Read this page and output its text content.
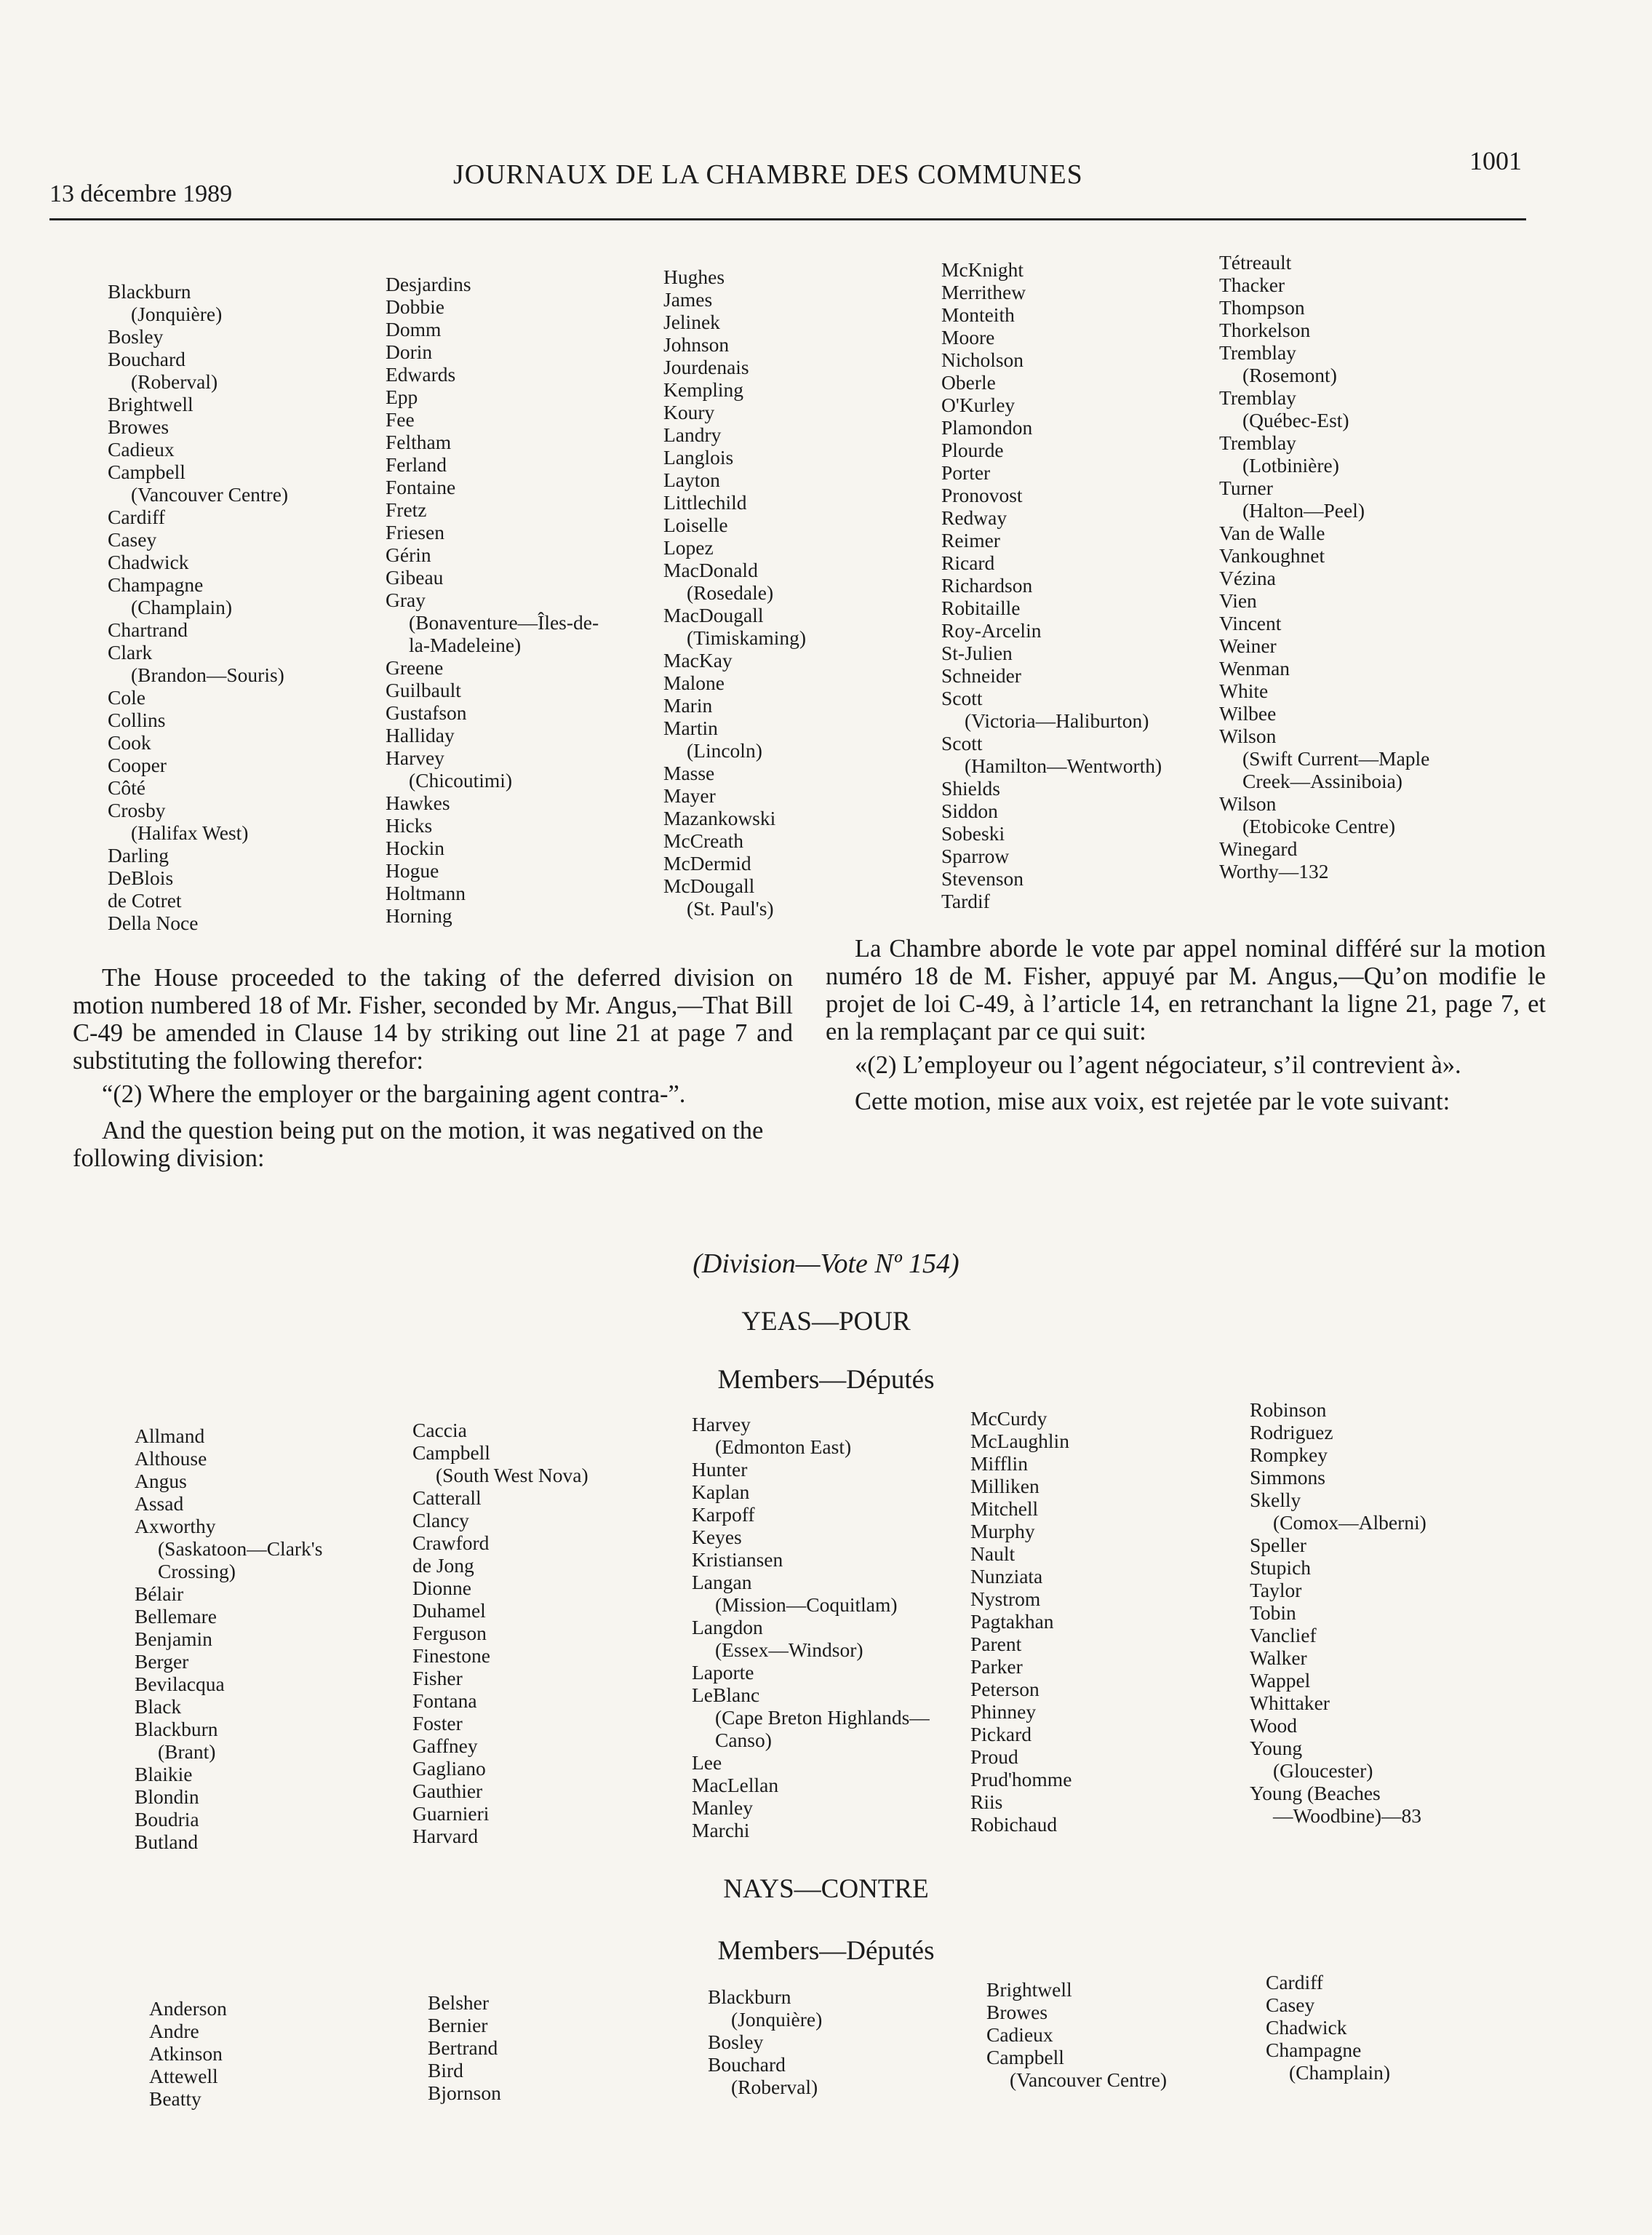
13 décembre 1989
JOURNAUX DE LA CHAMBRE DES COMMUNES	1001
Blackburn
(Jonquière)
Bosley
Bouchard
(Roberval)
Brightwell
Browes
Cadieux
Campbell
(Vancouver Centre)
Cardiff
Casey
Chadwick
Champagne
(Champlain)
Chartrand
Clark
(Brandon—Souris)
Cole
Collins
Cook
Cooper
Côté
Crosby
(Halifax West)
Darling
DeBlois
de Cotret
Della Noce
Desjardins
Dobbie
Domm
Dorin
Edwards
Epp
Fee
Feltham
Ferland
Fontaine
Fretz
Friesen
Gérin
Gibeau
Gray
(Bonaventure—Îles-de-
la-Madeleine)
Greene
Guilbault
Gustafson
Halliday
Harvey
(Chicoutimi)
Hawkes
Hicks
Hockin
Hogue
Holtmann
Horning
Hughes
James
Jelinek
Johnson
Jourdenais
Kempling
Koury
Landry
Langlois
Layton
Littlechild
Loiselle
Lopez
MacDonald
(Rosedale)
MacDougall
(Timiskaming)
MacKay
Malone
Marin
Martin
(Lincoln)
Masse
Mayer
Mazankowski
McCreath
McDermid
McDougall
(St. Paul's)
McKnight
Merrithew
Monteith
Moore
Nicholson
Oberle
O'Kurley
Plamondon
Plourde
Porter
Pronovost
Redway
Reimer
Ricard
Richardson
Robitaille
Roy-Arcelin
St-Julien
Schneider
Scott
(Victoria—Haliburton)
Scott
(Hamilton—Wentworth)
Shields
Siddon
Sobeski
Sparrow
Stevenson
Tardif
Tétreault
Thacker
Thompson
Thorkelson
Tremblay
(Rosemont)
Tremblay
(Québec-Est)
Tremblay
(Lotbinière)
Turner
(Halton—Peel)
Van de Walle
Vankoughnet
Vézina
Vien
Vincent
Weiner
Wenman
White
Wilbee
Wilson
(Swift Current—Maple
Creek—Assiniboia)
Wilson
(Etobicoke Centre)
Winegard
Worthy—132

The House proceeded to the taking of the deferred division on motion numbered 18 of Mr. Fisher, seconded by Mr. Angus,—That Bill C-49 be amended in Clause 14 by striking out line 21 at page 7 and substituting the following therefor:

“(2) Where the employer or the bargaining agent contra-”.

And the question being put on the motion, it was negatived on the following division:

La Chambre aborde le vote par appel nominal différé sur la motion numéro 18 de M. Fisher, appuyé par M. Angus,—Qu’on modifie le projet de loi C-49, à l’article 14, en retranchant la ligne 21, page 7, et en la remplaçant par ce qui suit:

«(2) L’employeur ou l’agent négociateur, s’il contrevient à».

Cette motion, mise aux voix, est rejetée par le vote suivant:

(Division—Vote Nº 154)
YEAS—POUR
Members—Députés
Allmand
Althouse
Angus
Assad
Axworthy
(Saskatoon—Clark's
Crossing)
Bélair
Bellemare
Benjamin
Berger
Bevilacqua
Black
Blackburn
(Brant)
Blaikie
Blondin
Boudria
Butland
Caccia
Campbell
(South West Nova)
Catterall
Clancy
Crawford
de Jong
Dionne
Duhamel
Ferguson
Finestone
Fisher
Fontana
Foster
Gaffney
Gagliano
Gauthier
Guarnieri
Harvard
Harvey
(Edmonton East)
Hunter
Kaplan
Karpoff
Keyes
Kristiansen
Langan
(Mission—Coquitlam)
Langdon
(Essex—Windsor)
Laporte
LeBlanc
(Cape Breton Highlands—
Canso)
Lee
MacLellan
Manley
Marchi
McCurdy
McLaughlin
Mifflin
Milliken
Mitchell
Murphy
Nault
Nunziata
Nystrom
Pagtakhan
Parent
Parker
Peterson
Phinney
Pickard
Proud
Prud'homme
Riis
Robichaud
Robinson
Rodriguez
Rompkey
Simmons
Skelly
(Comox—Alberni)
Speller
Stupich
Taylor
Tobin
Vanclief
Walker
Wappel
Whittaker
Wood
Young
(Gloucester)
Young (Beaches
—Woodbine)—83
NAYS—CONTRE
Members—Députés
Anderson
Andre
Atkinson
Attewell
Beatty
Belsher
Bernier
Bertrand
Bird
Bjornson
Blackburn
(Jonquière)
Bosley
Bouchard
(Roberval)
Brightwell
Browes
Cadieux
Campbell
(Vancouver Centre)
Cardiff
Casey
Chadwick
Champagne
(Champlain)
